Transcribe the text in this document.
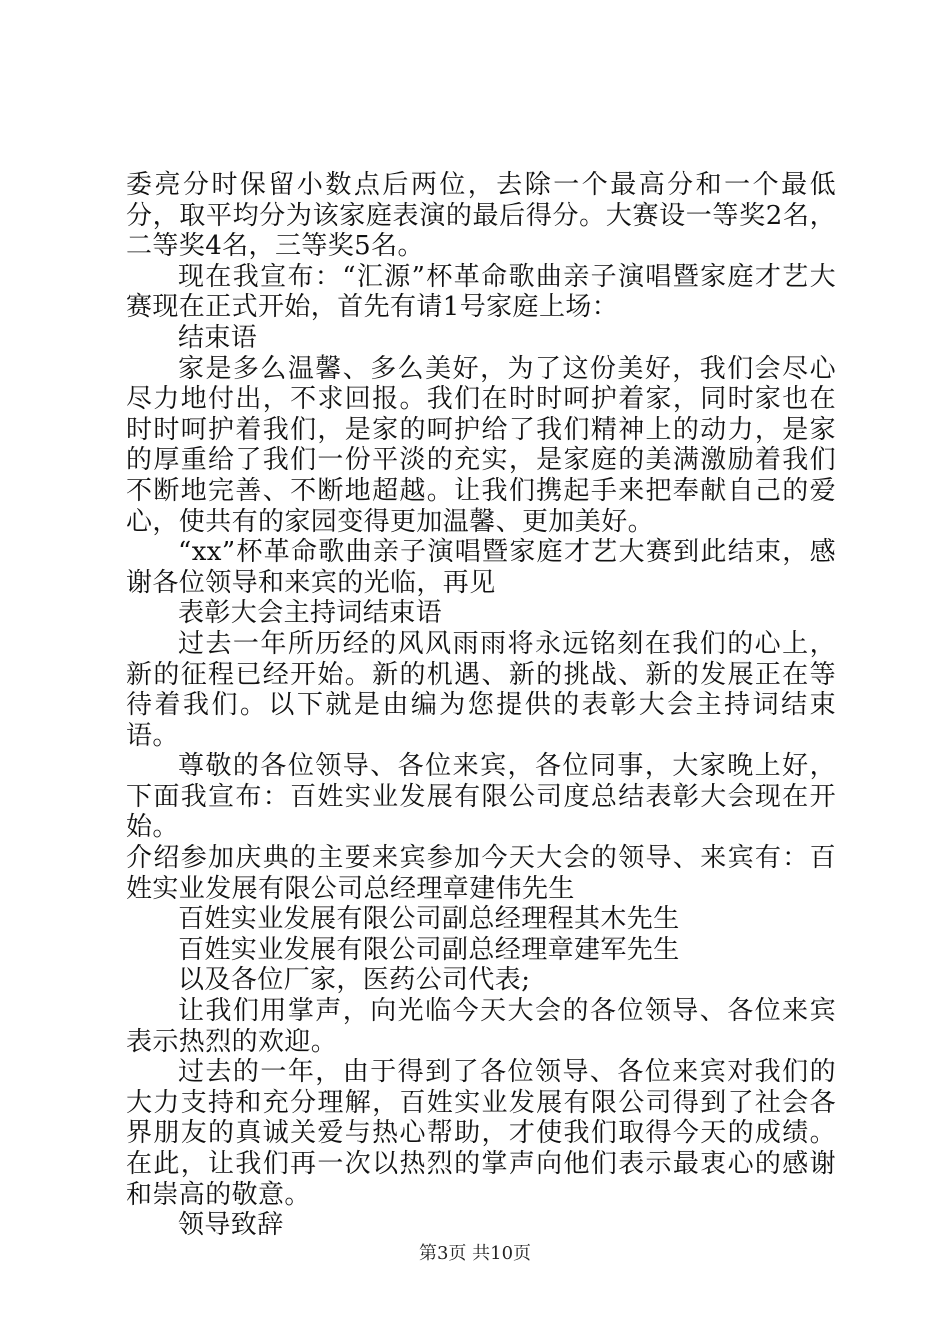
委亮分时保留小数点后两位，去除一个最高分和一个最低分，取平均分为该家庭表演的最后得分。大赛设一等奖2名，二等奖4名，三等奖5名。

现在我宣布：“汇源”杯革命歌曲亲子演唱暨家庭才艺大赛现在正式开始，首先有请1号家庭上场：

结束语

家是多么温馨、多么美好，为了这份美好，我们会尽心尽力地付出，不求回报。我们在时时呵护着家，同时家也在时时呵护着我们，是家的呵护给了我们精神上的动力，是家的厚重给了我们一份平淡的充实，是家庭的美满激励着我们不断地完善、不断地超越。让我们携起手来把奉献自己的爱心，使共有的家园变得更加温馨、更加美好。

“xx”杯革命歌曲亲子演唱暨家庭才艺大赛到此结束，感谢各位领导和来宾的光临，再见

表彰大会主持词结束语

过去一年所历经的风风雨雨将永远铭刻在我们的心上，新的征程已经开始。新的机遇、新的挑战、新的发展正在等待着我们。以下就是由编为您提供的表彰大会主持词结束语。

尊敬的各位领导、各位来宾，各位同事，大家晚上好，下面我宣布：百姓实业发展有限公司度总结表彰大会现在开始。

介绍参加庆典的主要来宾参加今天大会的领导、来宾有：百姓实业发展有限公司总经理章建伟先生

百姓实业发展有限公司副总经理程其木先生

百姓实业发展有限公司副总经理章建军先生

以及各位厂家，医药公司代表;

让我们用掌声，向光临今天大会的各位领导、各位来宾表示热烈的欢迎。

过去的一年，由于得到了各位领导、各位来宾对我们的大力支持和充分理解，百姓实业发展有限公司得到了社会各界朋友的真诚关爱与热心帮助，才使我们取得今天的成绩。在此，让我们再一次以热烈的掌声向他们表示最衷心的感谢和崇高的敬意。

领导致辞

第3页 共10页
